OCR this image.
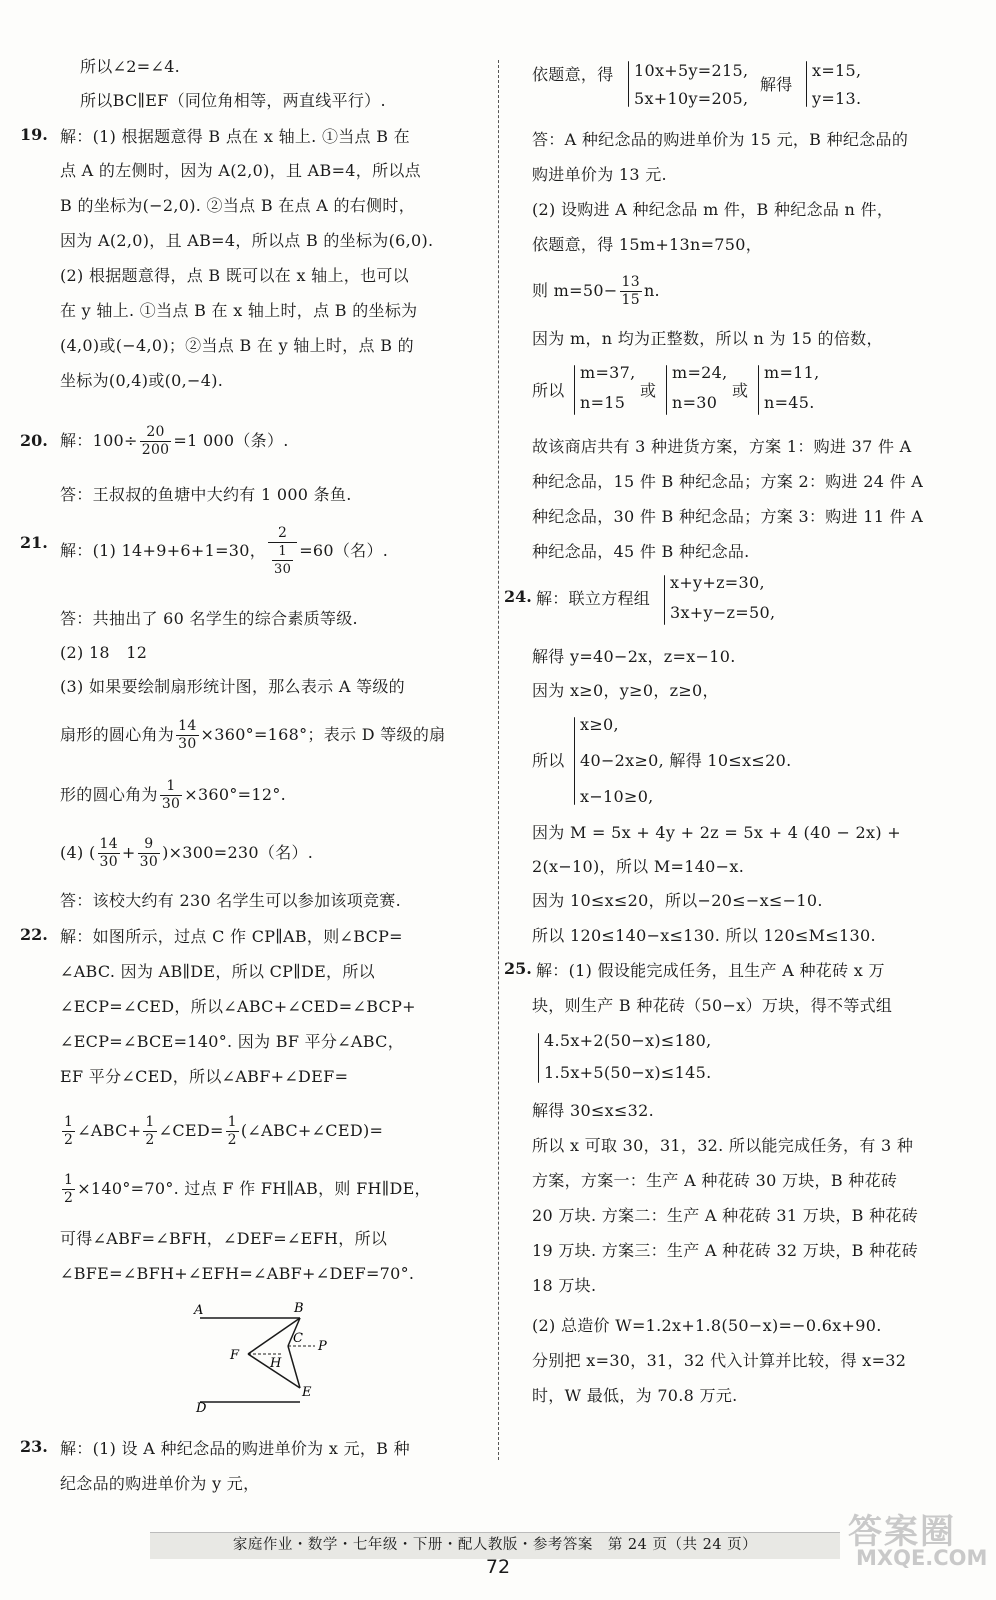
所以∠2=∠4.
所以BC∥EF（同位角相等，两直线平行）.
19. 解：(1) 根据题意得 B 点在 x 轴上. ①当点 B 在
点 A 的左侧时，因为 A(2,0)，且 AB=4，所以点
B 的坐标为(−2,0). ②当点 B 在点 A 的右侧时，
因为 A(2,0)，且 AB=4，所以点 B 的坐标为(6,0).
(2) 根据题意得，点 B 既可以在 x 轴上，也可以
在 y 轴上. ①当点 B 在 x 轴上时，点 B 的坐标为
(4,0)或(−4,0)；②当点 B 在 y 轴上时，点 B 的
坐标为(0,4)或(0,−4).
20. 解：$100\div \frac{20}{200} =1$ 000（条）.
答：王叔叔的鱼塘中大约有 1 000 条鱼.
21. 解：(1) 14+9+6+1=30， $\frac{2}{\frac{1}{30}} =60$（名）.
答：共抽出了 60 名学生的综合素质等级.
(2) 18　12
(3) 如果要绘制扇形统计图，那么表示 A 等级的
扇形的圆心角为 $\frac{14}{30} \times 360^\circ=168^\circ$；表示 D 等级的扇
形的圆心角为 $\frac{1}{30} \times 360^\circ=12^\circ$.
(4) ( $\frac{14}{30} + \frac{9}{30} )\times 300=230$（名）.
答：该校大约有 230 名学生可以参加该项竞赛.
22. 解：如图所示，过点 C 作 CP∥AB，则∠BCP=
∠ABC. 因为 AB∥DE，所以 CP∥DE，所以
∠ECP=∠CED，所以∠ABC+∠CED=∠BCP+
∠ECP=∠BCE=140°. 因为 BF 平分∠ABC，
EF 平分∠CED，所以∠ABF+∠DEF=
$\frac{1}{2}$ ∠ABC+ $\frac{1}{2}$ ∠CED= $\frac{1}{2}$ (∠ABC+∠CED)=
$\frac{1}{2} \times 140^\circ=70^\circ$. 过点 F 作 FH∥AB，则 FH∥DE，
可得∠ABF=∠BFH，∠DEF=∠EFH，所以
∠BFE=∠BFH+∠EFH=∠ABF+∠DEF=70°.
23. 解：(1) 设 A 种纪念品的购进单价为 x 元，B 种
纪念品的购进单价为 y 元，
A	B
C
P
F
H
E
D
依题意，得 10x+5y=215,
5x+10y=205,
解得
x=15,
y=13.
答：A 种纪念品的购进单价为 15 元，B 种纪念品的
购进单价为 13 元.
(2) 设购进 A 种纪念品 m 件，B 种纪念品 n 件，
依题意，得 15m+13n=750，
则 $m=50- \frac{13}{15} n$.
因为 m，n 均为正整数，所以 n 为 15 的倍数，
所以
m=37,
n=15
或
m=24,
n=30
或
m=11,
n=45.
故该商店共有 3 种进货方案，方案 1：购进 37 件 A
种纪念品，15 件 B 种纪念品；方案 2：购进 24 件 A
种纪念品，30 件 B 种纪念品；方案 3：购进 11 件 A
种纪念品，45 件 B 种纪念品.
24. 解：联立方程组
x+y+z=30,
3x+y−z=50,
解得 y=40−2x，z=x−10.
因为 x≥0，y≥0，z≥0，
所以
x≥0,
40−2x≥0, 解得 10≤x≤20.
x−10≥0,
因为 M = 5x + 4y + 2z = 5x + 4 (40 − 2x) +
2(x−10)，所以 M=140−x.
因为 10≤x≤20，所以−20≤−x≤−10.
所以 120≤140−x≤130. 所以 120≤M≤130.
25. 解：(1) 假设能完成任务，且生产 A 种花砖 x 万
块，则生产 B 种花砖（50−x）万块，得不等式组
4.5x+2(50−x)≤180,
1.5x+5(50−x)≤145.
解得 30≤x≤32.
所以 x 可取 30，31，32. 所以能完成任务，有 3 种
方案，方案一：生产 A 种花砖 30 万块，B 种花砖
20 万块. 方案二：生产 A 种花砖 31 万块，B 种花砖
19 万块. 方案三：生产 A 种花砖 32 万块，B 种花砖
18 万块.
(2) 总造价 W=1.2x+1.8(50−x)=−0.6x+90.
分别把 x=30，31，32 代入计算并比较，得 x=32
时，W 最低，为 70.8 万元.
家庭作业・数学・七年级・下册・配人教版・参考答案　第 24 页（共 24 页）
72
答案圈
MXQE.COM
